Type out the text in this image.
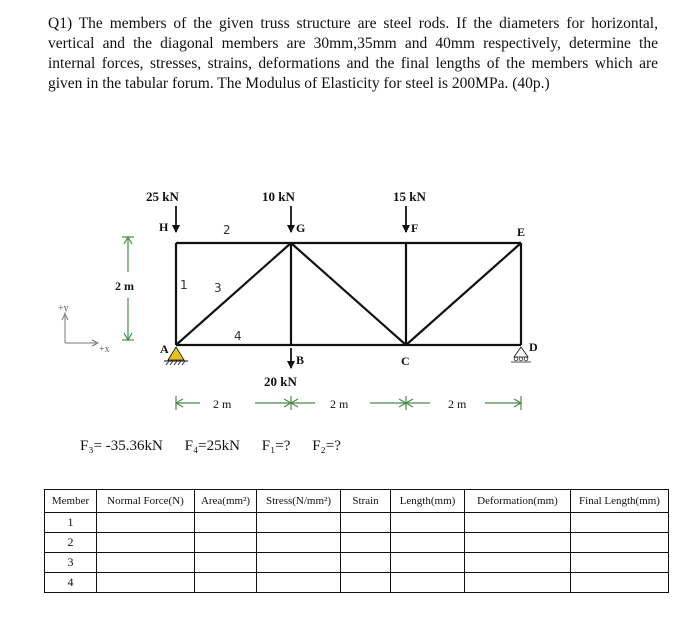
Q1) The members of the given truss structure are steel rods. If the diameters for horizontal, vertical and the diagonal members are 30mm,35mm and 40mm respectively, determine the internal forces, stresses, strains, deformations and the final lengths of the members which are given in the tabular forum. The Modulus of Elasticity for steel is 200MPa. (40p.)

25 kN	10 kN	15 kN
20 kN
H	G	F	E
A
B	C
D
1
2
3
4
2 m
+y
+x
2 m	2 m	2 m
F₃= -35.36kN F₄=25kN F₁=? F₂=?
Member	Normal Force(N)	Area(mm²)	Stress(N/mm²)	Strain	Length(mm)	Deformation(mm)	Final Length(mm)
1							
2							
3							
4							
